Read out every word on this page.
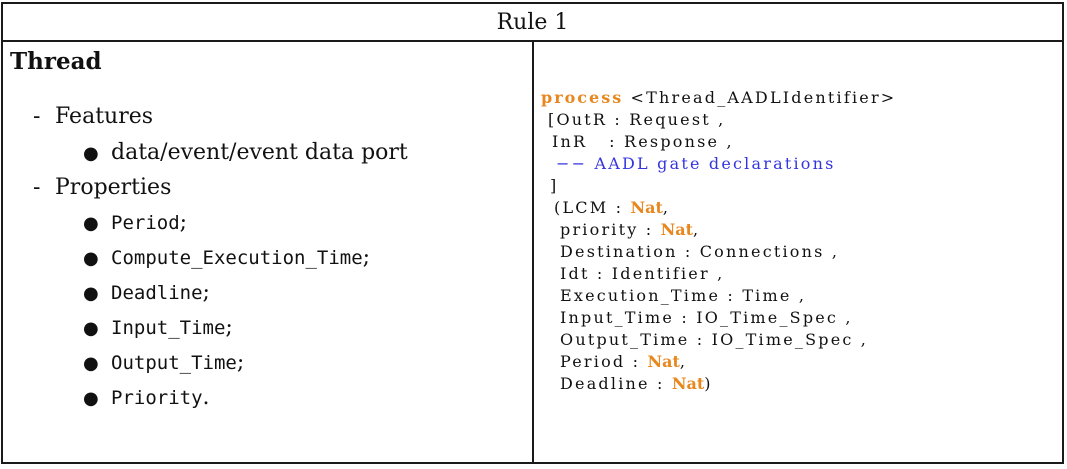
Rule 1
Thread
- Features
● data/event/event data port
- Properties
● Period;
● Compute_Execution_Time;
● Deadline;
● Input_Time;
● Output_Time;
● Priority.
process <Thread_AADLIdentifier>
[OutR : Request ,
InR   : Response ,
−− AADL gate declarations
]
(LCM : Nat,
priority : Nat,
Destination : Connections ,
Idt : Identifier ,
Execution_Time : Time ,
Input_Time : IO_Time_Spec ,
Output_Time : IO_Time_Spec ,
Period : Nat,
Deadline : Nat)
